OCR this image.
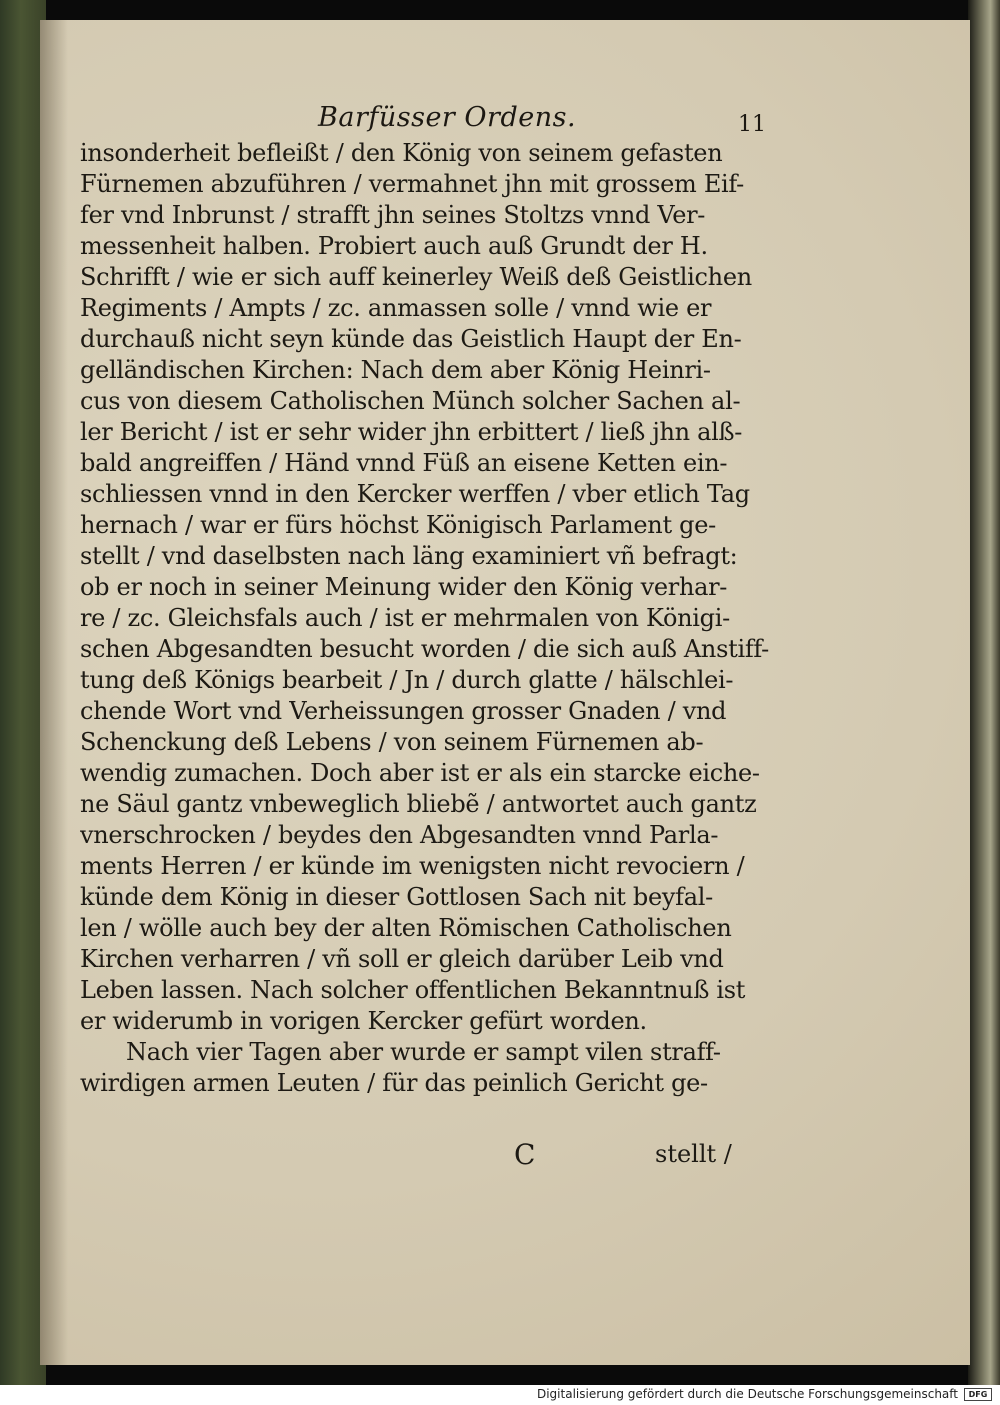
Barfüsser Ordens.	11
insonderheit befleißt / den König von seinem gefasten
Fürnemen abzuführen / vermahnet jhn mit grossem Eif-
fer vnd Inbrunst / strafft jhn seines Stoltzs vnnd Ver-
messenheit halben. Probiert auch auß Grundt der H.
Schrifft / wie er sich auff keinerley Weiß deß Geistlichen
Regiments / Ampts / zc. anmassen solle / vnnd wie er
durchauß nicht seyn künde das Geistlich Haupt der En-
gelländischen Kirchen: Nach dem aber König Heinri-
cus von diesem Catholischen Münch solcher Sachen al-
ler Bericht / ist er sehr wider jhn erbittert / ließ jhn alß-
bald angreiffen / Händ vnnd Füß an eisene Ketten ein-
schliessen vnnd in den Kercker werffen / vber etlich Tag
hernach / war er fürs höchst Königisch Parlament ge-
stellt / vnd daselbsten nach läng examiniert vñ befragt:
ob er noch in seiner Meinung wider den König verhar-
re / zc. Gleichsfals auch / ist er mehrmalen von Königi-
schen Abgesandten besucht worden / die sich auß Anstiff-
tung deß Königs bearbeit / Jn / durch glatte / hälschlei-
chende Wort vnd Verheissungen grosser Gnaden / vnd
Schenckung deß Lebens / von seinem Fürnemen ab-
wendig zumachen. Doch aber ist er als ein starcke eiche-
ne Säul gantz vnbeweglich bliebẽ / antwortet auch gantz
vnerschrocken / beydes den Abgesandten vnnd Parla-
ments Herren / er künde im wenigsten nicht revociern /
künde dem König in dieser Gottlosen Sach nit beyfal-
len / wölle auch bey der alten Römischen Catholischen
Kirchen verharren / vñ soll er gleich darüber Leib vnd
Leben lassen. Nach solcher offentlichen Bekanntnuß ist
er widerumb in vorigen Kercker gefürt worden.
Nach vier Tagen aber wurde er sampt vilen straff-
wirdigen armen Leuten / für das peinlich Gericht ge-
C	stellt /
Digitalisierung gefördert durch die Deutsche Forschungsgemeinschaft	DFG
